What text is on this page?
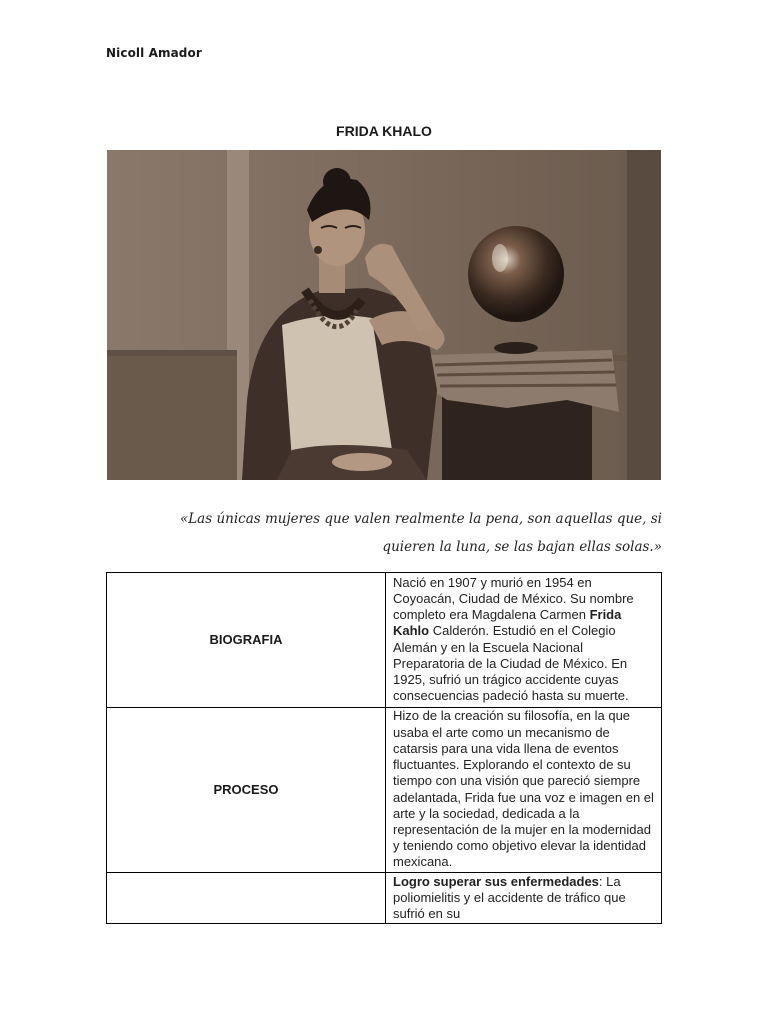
Nicoll Amador
FRIDA KHALO
«Las únicas mujeres que valen realmente la pena, son aquellas que, si
quieren la luna, se las bajan ellas solas.»
BIOGRAFIA	Nació en 1907 y murió en 1954 en Coyoacán, Ciudad de México. Su nombre completo era Magdalena Carmen Frida Kahlo Calderón. Estudió en el Colegio Alemán y en la Escuela Nacional Preparatoria de la Ciudad de México. En 1925, sufrió un trágico accidente cuyas consecuencias padeció hasta su muerte.
PROCESO	Hizo de la creación su filosofía, en la que usaba el arte como un mecanismo de catarsis para una vida llena de eventos fluctuantes. Explorando el contexto de su tiempo con una visión que pareció siempre adelantada, Frida fue una voz e imagen en el arte y la sociedad, dedicada a la representación de la mujer en la modernidad y teniendo como objetivo elevar la identidad mexicana.

	Logro superar sus enfermedades: La poliomielitis y el accidente de tráfico que sufrió en su
